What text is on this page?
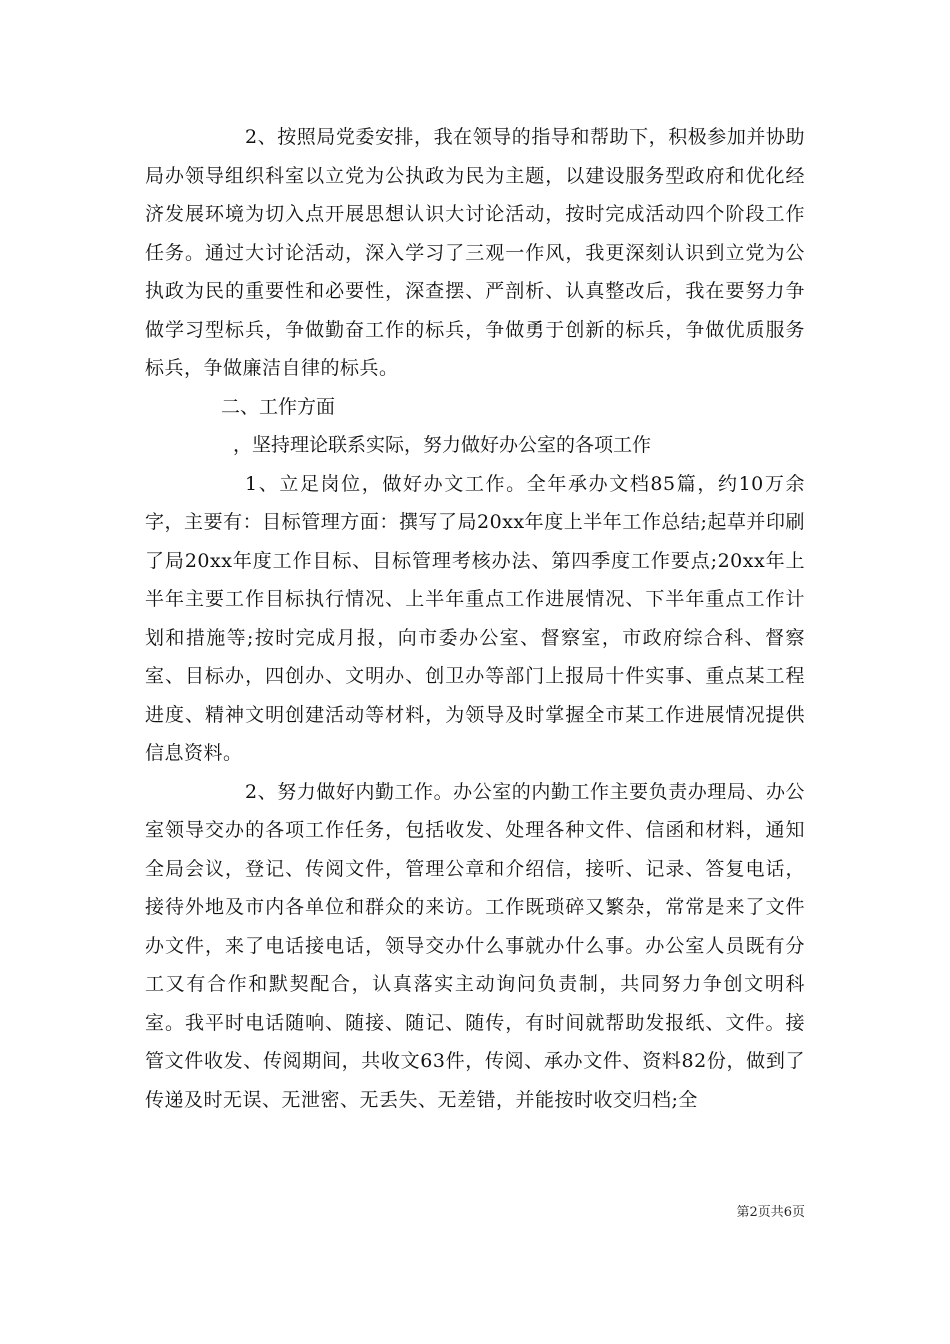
2、按照局党委安排，我在领导的指导和帮助下，积极参加并协助局办领导组织科室以立党为公执政为民为主题，以建设服务型政府和优化经济发展环境为切入点开展思想认识大讨论活动，按时完成活动四个阶段工作任务。通过大讨论活动，深入学习了三观一作风，我更深刻认识到立党为公执政为民的重要性和必要性，深查摆、严剖析、认真整改后，我在要努力争做学习型标兵，争做勤奋工作的标兵，争做勇于创新的标兵，争做优质服务标兵，争做廉洁自律的标兵。

二、工作方面

，坚持理论联系实际，努力做好办公室的各项工作

1、立足岗位，做好办文工作。全年承办文档85篇，约10万余字，主要有：目标管理方面：撰写了局20xx年度上半年工作总结;起草并印刷了局20xx年度工作目标、目标管理考核办法、第四季度工作要点;20xx年上半年主要工作目标执行情况、上半年重点工作进展情况、下半年重点工作计划和措施等;按时完成月报，向市委办公室、督察室，市政府综合科、督察室、目标办，四创办、文明办、创卫办等部门上报局十件实事、重点某工程进度、精神文明创建活动等材料，为领导及时掌握全市某工作进展情况提供信息资料。

2、努力做好内勤工作。办公室的内勤工作主要负责办理局、办公室领导交办的各项工作任务，包括收发、处理各种文件、信函和材料，通知全局会议，登记、传阅文件，管理公章和介绍信，接听、记录、答复电话，接待外地及市内各单位和群众的来访。工作既琐碎又繁杂，常常是来了文件办文件，来了电话接电话，领导交办什么事就办什么事。办公室人员既有分工又有合作和默契配合，认真落实主动询问负责制，共同努力争创文明科室。我平时电话随响、随接、随记、随传，有时间就帮助发报纸、文件。接管文件收发、传阅期间，共收文63件，传阅、承办文件、资料82份，做到了传递及时无误、无泄密、无丢失、无差错，并能按时收交归档;全

第2页共6页
